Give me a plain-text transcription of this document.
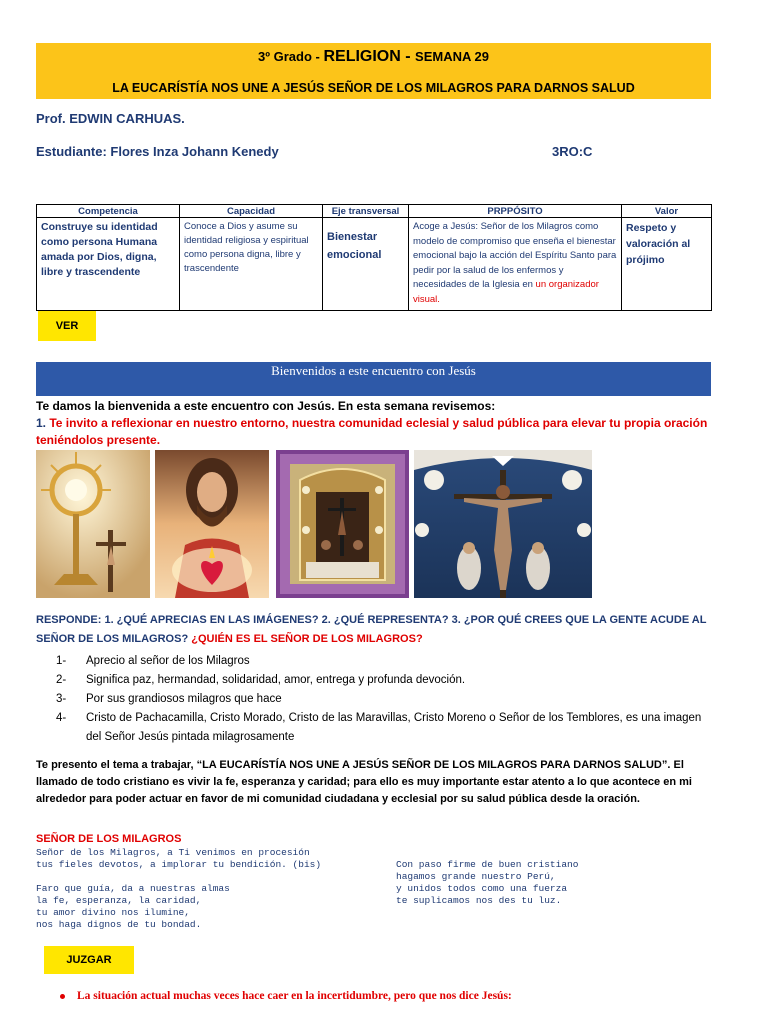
3º Grado - RELIGION - SEMANA 29
LA EUCARÍSTÍA NOS UNE A JESÚS SEÑOR DE LOS MILAGROS PARA DARNOS SALUD
Prof. EDWIN CARHUAS.
Estudiante: Flores Inza Johann Kenedy	3RO:C
Competencia	Capacidad	Eje transversal	PRPPÓSITO	Valor
Construye su identidad como persona Humana amada por Dios, digna, libre y trascendente	Conoce a Dios y asume su identidad religiosa y espiritual como persona digna, libre y trascendente	Bienestar emocional	Acoge a Jesús: Señor de los Milagros como modelo de compromiso que enseña el bienestar emocional bajo la acción del Espíritu Santo para pedir por la salud de los enfermos y necesidades de la Iglesia en un organizador visual.	Respeto y valoración al prójimo
VER
Bienvenidos a este encuentro con Jesús
Te damos la bienvenida a este encuentro con Jesús. En esta semana revisemos:
1. Te invito a reflexionar en nuestro entorno, nuestra comunidad eclesial y salud pública para elevar tu propia oración teniéndolos presente.
RESPONDE: 1. ¿QUÉ APRECIAS EN LAS IMÁGENES? 2. ¿QUÉ REPRESENTA? 3. ¿POR QUÉ CREES QUE LA GENTE ACUDE AL SEÑOR DE LOS MILAGROS? ¿QUIÉN ES EL SEÑOR DE LOS MILAGROS?
1-	Aprecio al señor de los Milagros
2-	Significa paz, hermandad, solidaridad, amor, entrega y profunda devoción.
3-	Por sus grandiosos milagros que hace
4-	Cristo de Pachacamilla, Cristo Morado, Cristo de las Maravillas, Cristo Moreno o Señor de los Temblores, es una imagen del Señor Jesús pintada milagrosamente
Te presento el tema a trabajar, “LA EUCARÍSTÍA NOS UNE A JESÚS SEÑOR DE LOS MILAGROS PARA DARNOS SALUD”. El llamado de todo cristiano es vivir la fe, esperanza y caridad; para ello es muy importante estar atento a lo que acontece en mi alrededor para poder actuar en favor de mi comunidad ciudadana y ecclesial por su salud pública desde la oración.
SEÑOR DE LOS MILAGROS
Señor de los Milagros, a Ti venimos en procesión
tus fieles devotos, a implorar tu bendición. (bis)

Faro que guía, da a nuestras almas
la fe, esperanza, la caridad,
tu amor divino nos ilumine,
nos haga dignos de tu bondad.
Con paso firme de buen cristiano
hagamos grande nuestro Perú,
y unidos todos como una fuerza
te suplicamos nos des tu luz.
JUZGAR
La situación actual muchas veces hace caer en la incertidumbre, pero que nos dice Jesús:
